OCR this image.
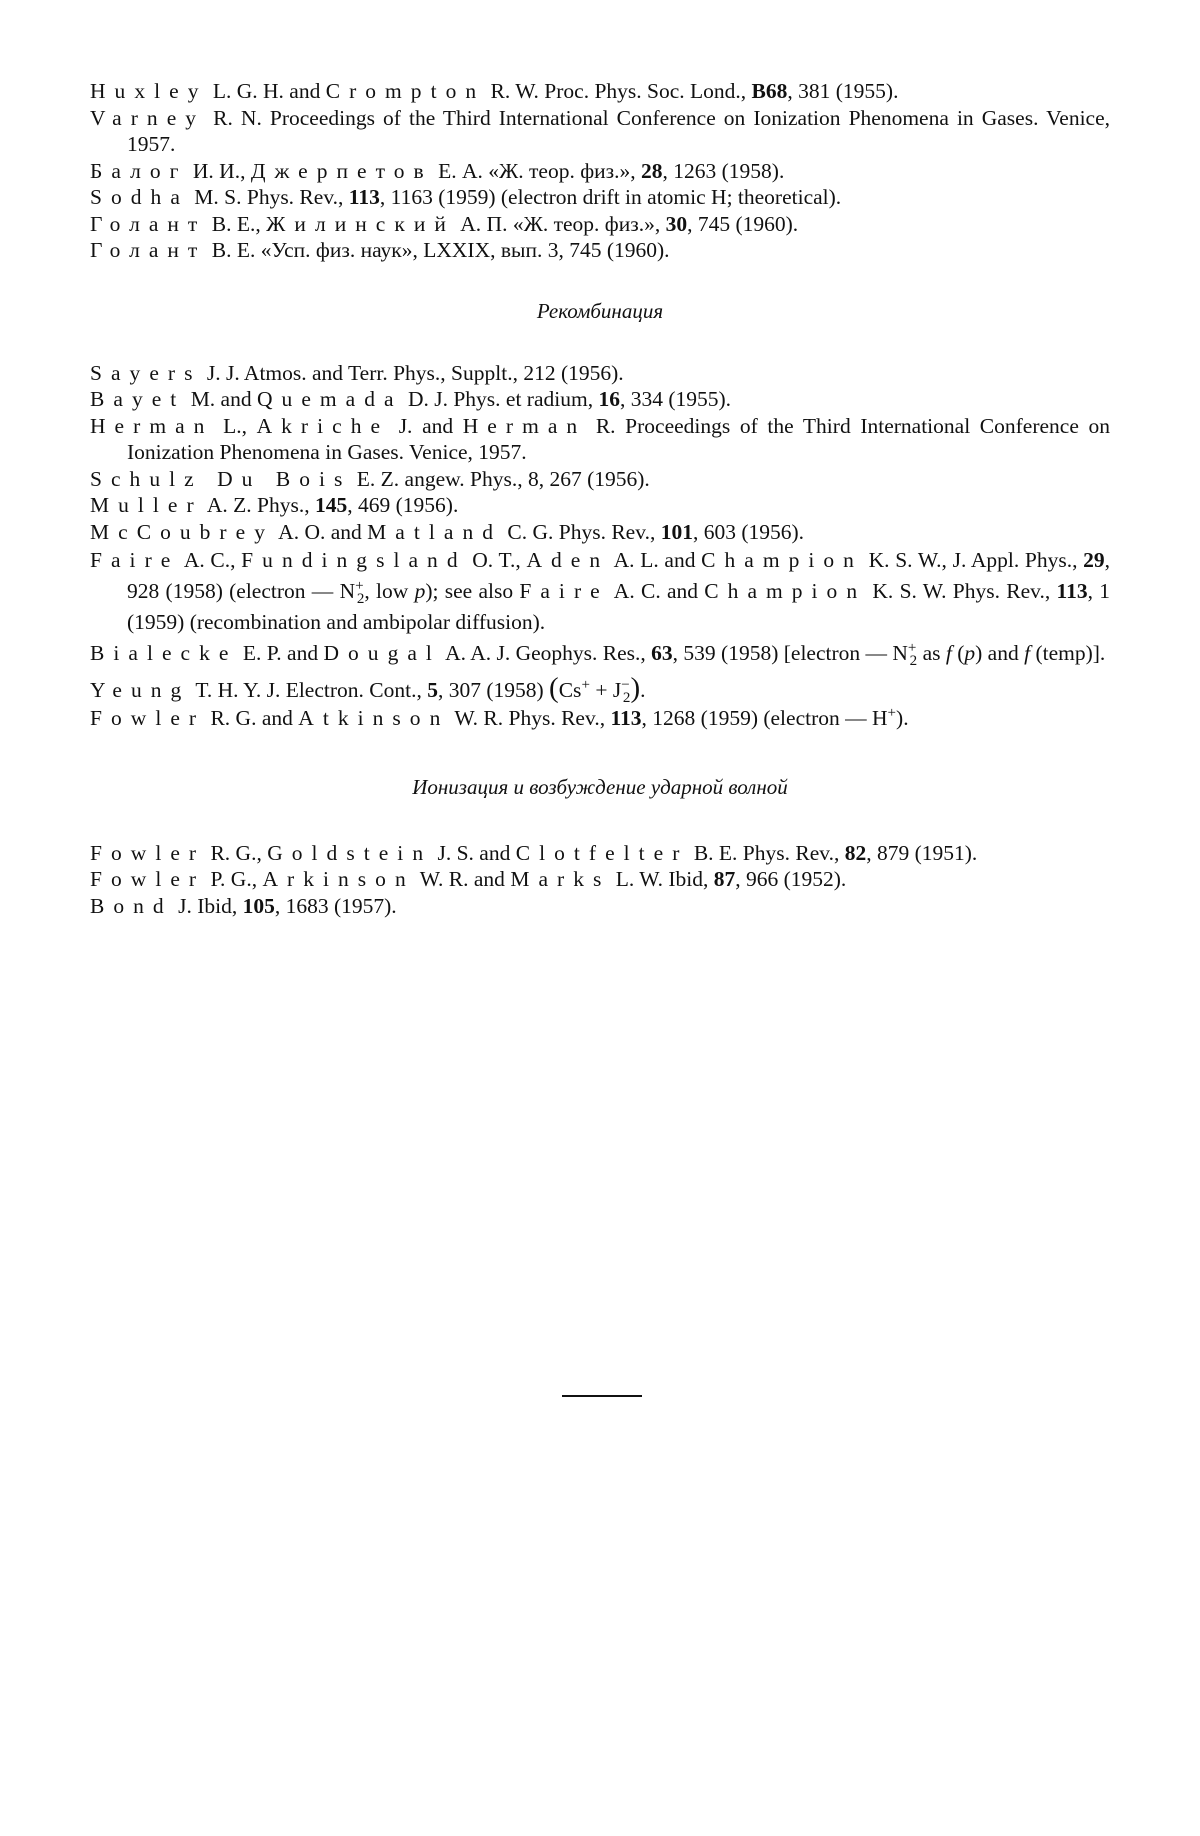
Huxley L. G. H. and Crompton R. W. Proc. Phys. Soc. Lond., B68, 381 (1955).

Varney R. N. Proceedings of the Third International Conference on Ionization Phenomena in Gases. Venice, 1957.

Балог И. И., Джерпетов Е. А. «Ж. теор. физ.», 28, 1263 (1958).

Sodha M. S. Phys. Rev., 113, 1163 (1959) (electron drift in atomic H; theoretical).

Голант В. Е., Жилинский А. П. «Ж. теор. физ.», 30, 745 (1960).

Голант В. Е. «Усп. физ. наук», LXXIX, вып. 3, 745 (1960).

Рекомбинация

Sayers J. J. Atmos. and Terr. Phys., Supplt., 212 (1956).

Bayet M. and Quemada D. J. Phys. et radium, 16, 334 (1955).

Herman L., Akriche J. and Herman R. Proceedings of the Third International Conference on Ionization Phenomena in Gases. Venice, 1957.

Schulz Du Bois E. Z. angew. Phys., 8, 267 (1956).

Muller A. Z. Phys., 145, 469 (1956).

McCoubrey A. O. and Matland C. G. Phys. Rev., 101, 603 (1956).

Faire A. C., Fundingsland O. T., Aden A. L. and Champion K. S. W., J. Appl. Phys., 29, 928 (1958) (electron — $N^+_2$, low p); see also Faire A. C. and Champion K. S. W. Phys. Rev., 113, 1 (1959) (recombination and ambipolar diffusion).

Bialecke E. P. and Dougal A. A. J. Geophys. Res., 63, 539 (1958) [electron — $N^+_2$ as f (p) and f (temp)].

Yeung T. H. Y. J. Electron. Cont., 5, 307 (1958) $(Cs^+ + J^-_2)$.

Fowler R. G. and Atkinson W. R. Phys. Rev., 113, 1268 (1959) (electron — H+).

Ионизация и возбуждение ударной волной

Fowler R. G., Goldstein J. S. and Clotfelter B. E. Phys. Rev., 82, 879 (1951).

Fowler P. G., Arkinson W. R. and Marks L. W. Ibid, 87, 966 (1952).

Bond J. Ibid, 105, 1683 (1957).
